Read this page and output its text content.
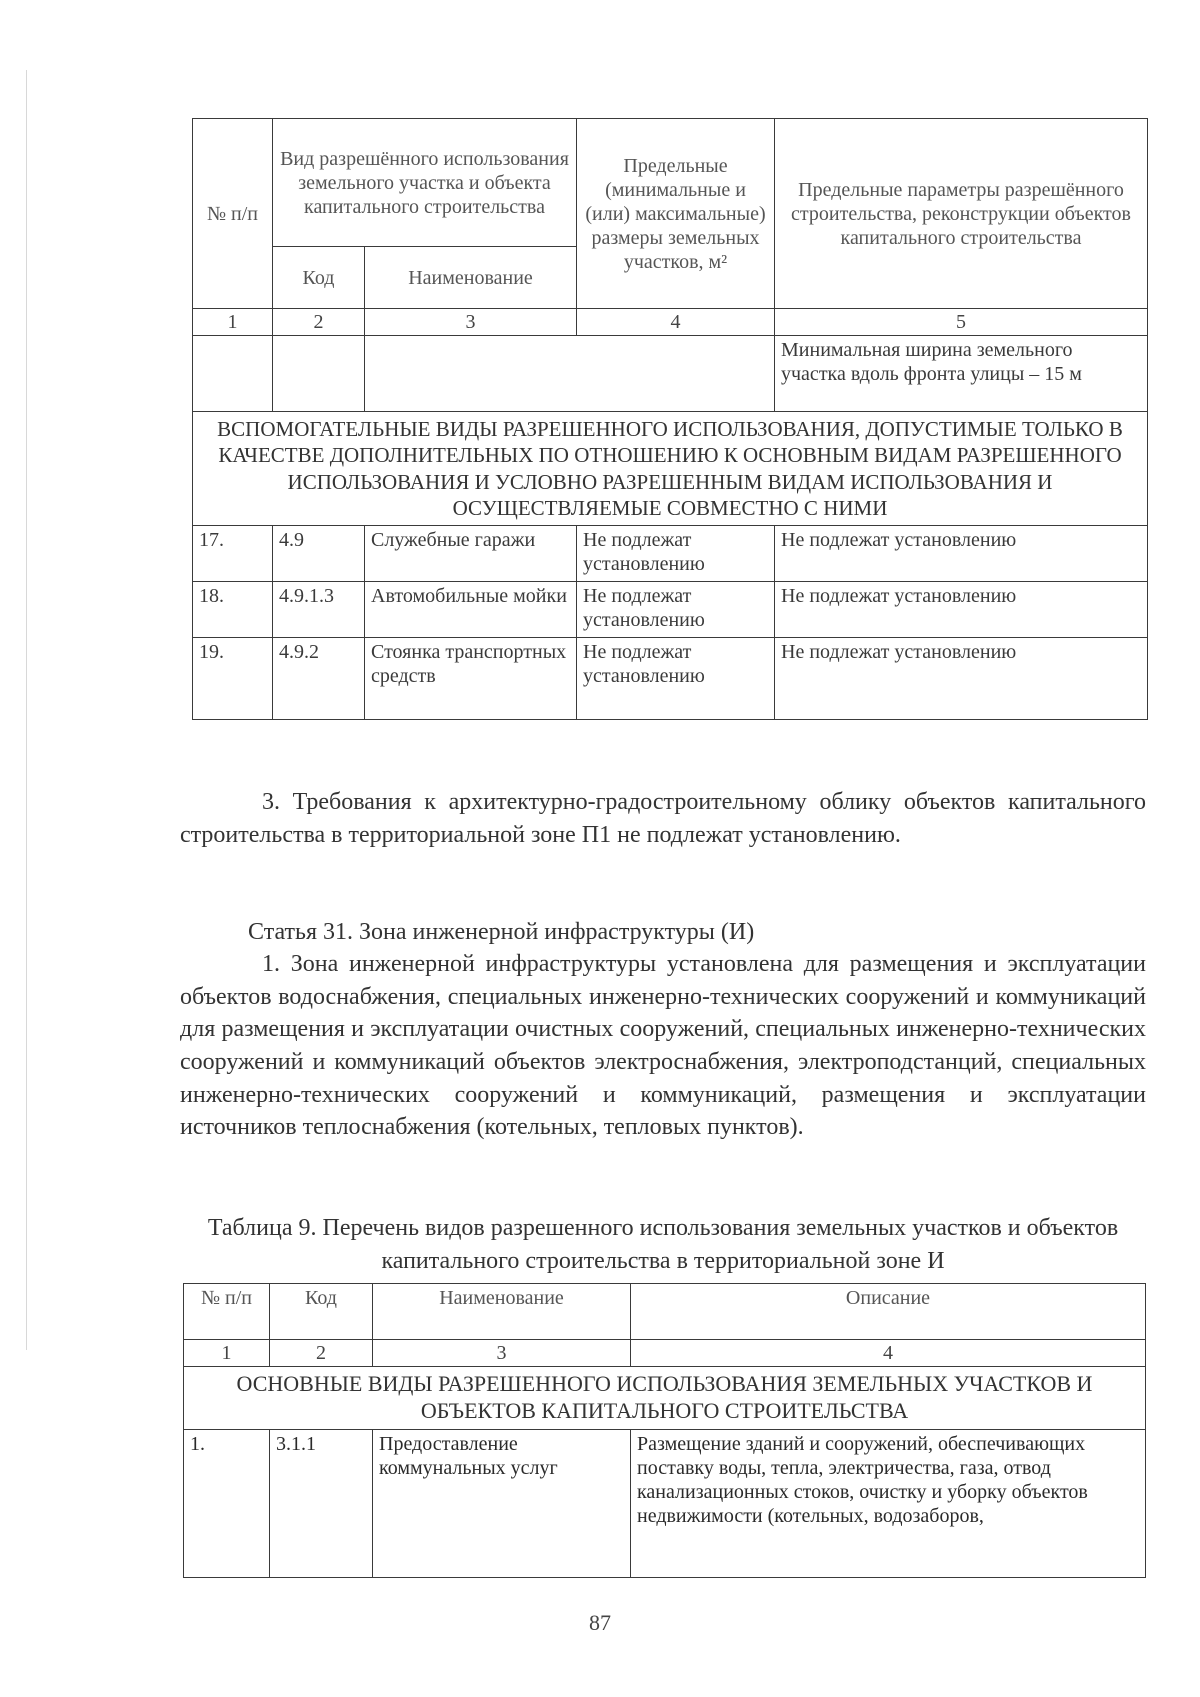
№ п/п	Вид разрешённого использования земельного участка и объекта капитального строительства		Предельные (минимальные и (или) максимальные) размеры земельных участков, м²	Предельные параметры разрешённого строительства, реконструкции объектов капитального строительства
	Код	Наименование		
1	2	3	4	5
				Минимальная ширина земельного участка вдоль фронта улицы – 15 м
ВСПОМОГАТЕЛЬНЫЕ ВИДЫ РАЗРЕШЕННОГО ИСПОЛЬЗОВАНИЯ, ДОПУСТИМЫЕ ТОЛЬКО В КАЧЕСТВЕ ДОПОЛНИТЕЛЬНЫХ ПО ОТНОШЕНИЮ К ОСНОВНЫМ ВИДАМ РАЗРЕШЕННОГО ИСПОЛЬЗОВАНИЯ И УСЛОВНО РАЗРЕШЕННЫМ ВИДАМ ИСПОЛЬЗОВАНИЯ И ОСУЩЕСТВЛЯЕМЫЕ СОВМЕСТНО С НИМИ				
17.	4.9	Служебные гаражи	Не подлежат установлению	Не подлежат установлению
18.	4.9.1.3	Автомобильные мойки	Не подлежат установлению	Не подлежат установлению
19.	4.9.2	Стоянка транспортных средств	Не подлежат установлению	Не подлежат установлению
3. Требования к архитектурно-градостроительному облику объектов капитального строительства в территориальной зоне П1 не подлежат установлению.
Статья 31. Зона инженерной инфраструктуры (И)
1. Зона инженерной инфраструктуры установлена для размещения и эксплуатации объектов водоснабжения, специальных инженерно-технических сооружений и коммуникаций для размещения и эксплуатации очистных сооружений, специальных инженерно-технических сооружений и коммуникаций объектов электроснабжения, электроподстанций, специальных инженерно-технических сооружений и коммуникаций, размещения и эксплуатации источников теплоснабжения (котельных, тепловых пунктов).
Таблица 9. Перечень видов разрешенного использования земельных участков и объектов капитального строительства в территориальной зоне И
№ п/п	Код	Наименование	Описание
1	2	3	4
ОСНОВНЫЕ ВИДЫ РАЗРЕШЕННОГО ИСПОЛЬЗОВАНИЯ ЗЕМЕЛЬНЫХ УЧАСТКОВ И ОБЪЕКТОВ КАПИТАЛЬНОГО СТРОИТЕЛЬСТВА			
1.	3.1.1	Предоставление коммунальных услуг	Размещение зданий и сооружений, обеспечивающих поставку воды, тепла, электричества, газа, отвод канализационных стоков, очистку и уборку объектов недвижимости (котельных, водозаборов,
87
